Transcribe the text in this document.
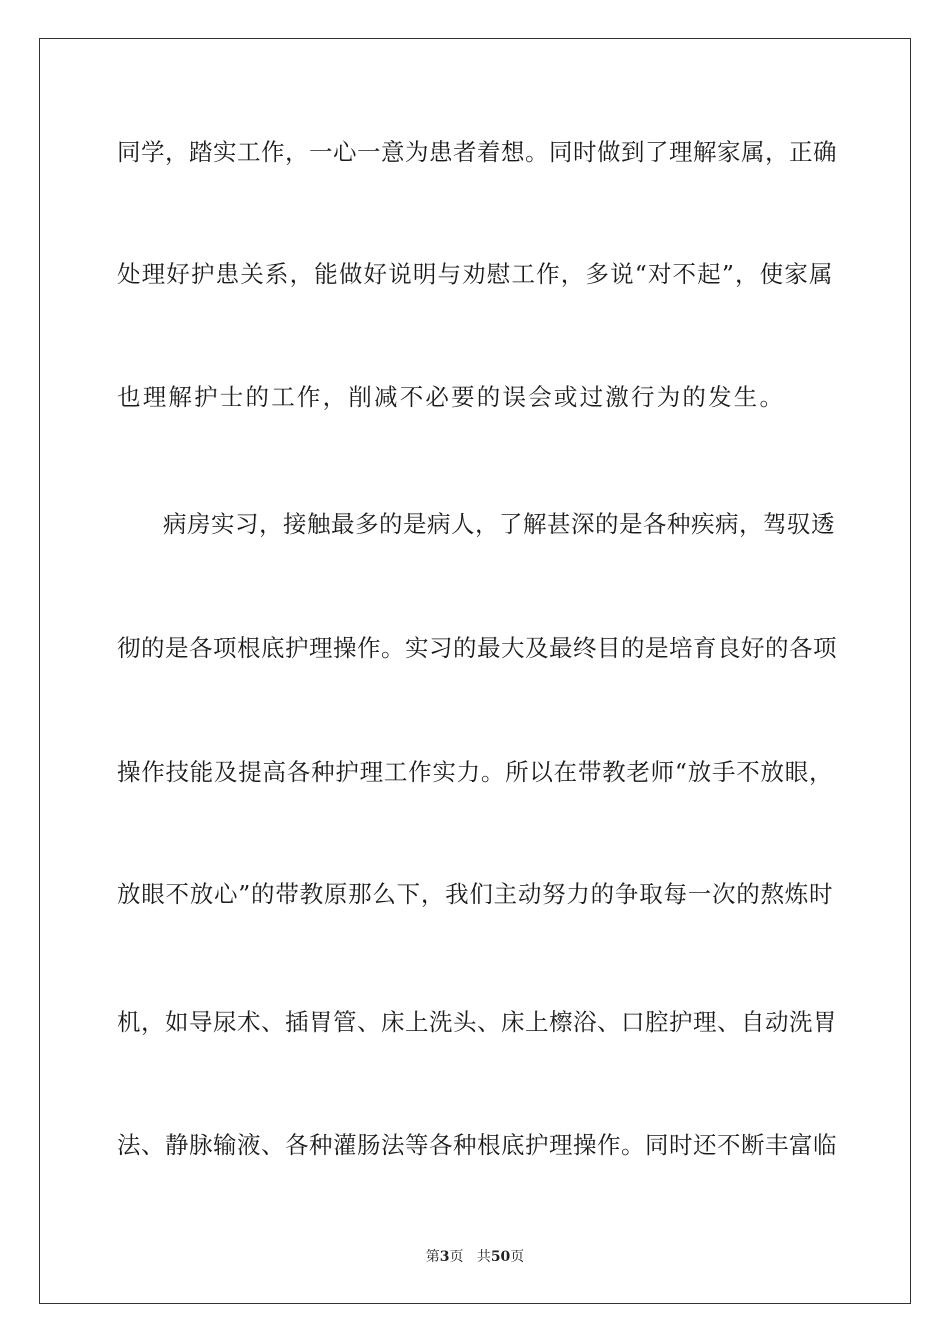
同学，踏实工作，一心一意为患者着想。同时做到了理解家属，正确
处理好护患关系，能做好说明与劝慰工作，多说“对不起”，使家属
也理解护士的工作，削减不必要的误会或过激行为的发生。
病房实习，接触最多的是病人，了解甚深的是各种疾病，驾驭透
彻的是各项根底护理操作。实习的最大及最终目的是培育良好的各项
操作技能及提高各种护理工作实力。所以在带教老师“放手不放眼，
放眼不放心”的带教原那么下，我们主动努力的争取每一次的熬炼时
机，如导尿术、插胃管、床上洗头、床上檫浴、口腔护理、自动洗胃
法、静脉输液、各种灌肠法等各种根底护理操作。同时还不断丰富临
第3页 共50页
